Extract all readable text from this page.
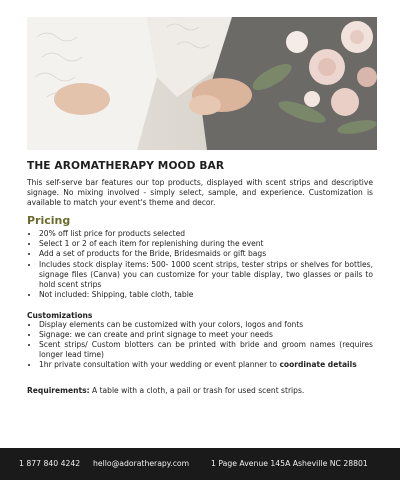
THE AROMATHERAPY MOOD BAR
This self-serve bar features our top products, displayed with scent strips and descriptive signage. No mixing involved - simply select, sample, and experience. Customization is available to match your event's theme and decor.
Pricing
• 20% off list price for products selected
• Select 1 or 2 of each item for replenishing during the event
• Add a set of products for the Bride, Bridesmaids or gift bags
• Includes stock display items: 500- 1000 scent strips, tester strips or shelves for bottles, signage files (Canva) you can customize for your table display, two glasses or pails to hold scent strips
• Not included: Shipping, table cloth, table
Customizations
• Display elements can be customized with your colors, logos and fonts
• Signage: we can create and print signage to meet your needs
• Scent strips/ Custom blotters can be printed with bride and groom names (requires longer lead time)
• 1hr private consultation with your wedding or event planner to coordinate details
Requirements: A table with a cloth, a pail or trash for used scent strips.
1 877 840 4242 hello@adoratherapy.com	1 Page Avenue 145A Asheville NC 28801
